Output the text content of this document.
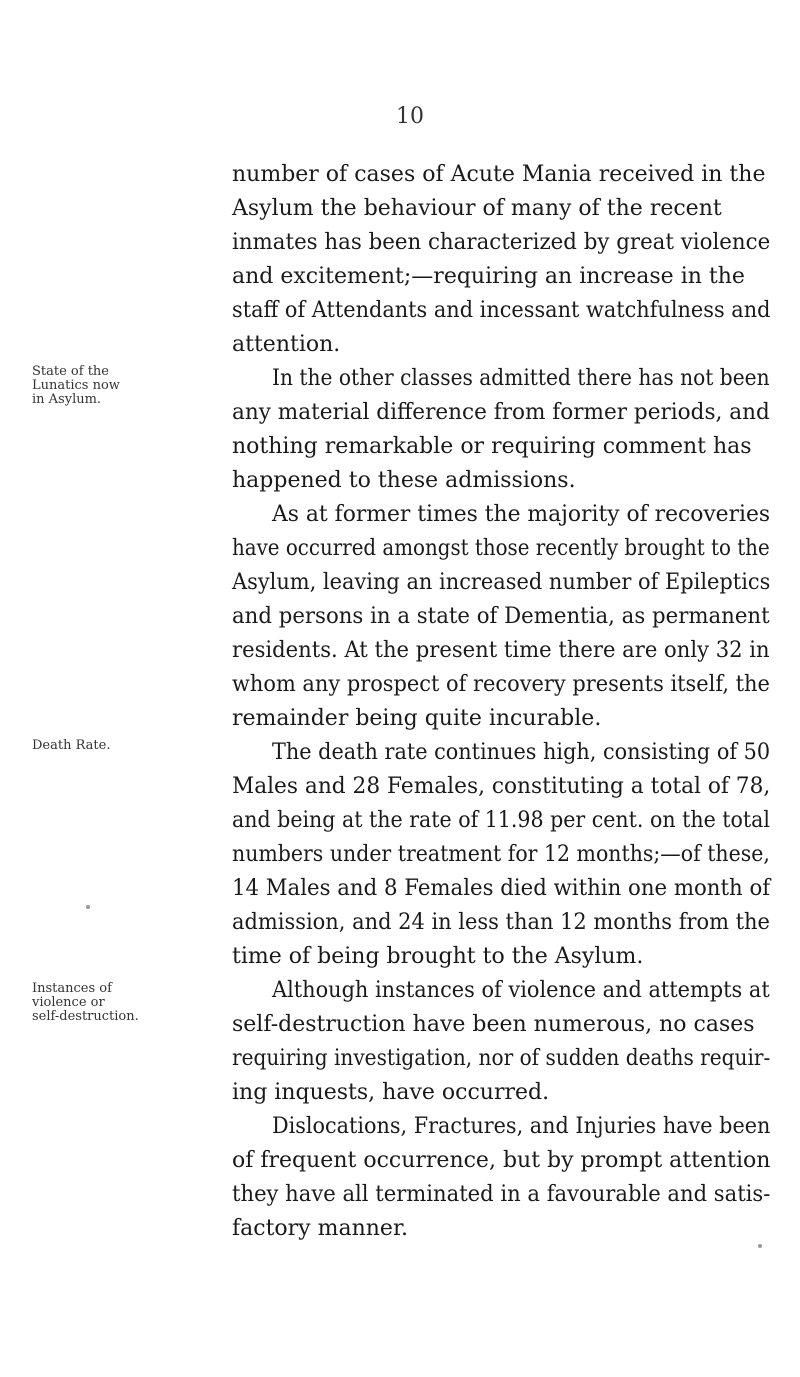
10
number of cases of Acute Mania received in the
Asylum the behaviour of many of the recent
inmates has been characterized by great violence
and excitement;—requiring an increase in the
staff of Attendants and incessant watchfulness and
attention.
In the other classes admitted there has not been
any material difference from former periods, and
nothing remarkable or requiring comment has
happened to these admissions.
As at former times the majority of recoveries
have occurred amongst those recently brought to the
Asylum, leaving an increased number of Epileptics
and persons in a state of Dementia, as permanent
residents. At the present time there are only 32 in
whom any prospect of recovery presents itself, the
remainder being quite incurable.
The death rate continues high, consisting of 50
Males and 28 Females, constituting a total of 78,
and being at the rate of 11.98 per cent. on the total
numbers under treatment for 12 months;—of these,
14 Males and 8 Females died within one month of
admission, and 24 in less than 12 months from the
time of being brought to the Asylum.
Although instances of violence and attempts at
self-destruction have been numerous, no cases
requiring investigation, nor of sudden deaths requir-
ing inquests, have occurred.
Dislocations, Fractures, and Injuries have been
of frequent occurrence, but by prompt attention
they have all terminated in a favourable and satis-
factory manner.
State of the
Lunatics now
in Asylum.
Death Rate.
Instances of
violence or
self-destruction.
